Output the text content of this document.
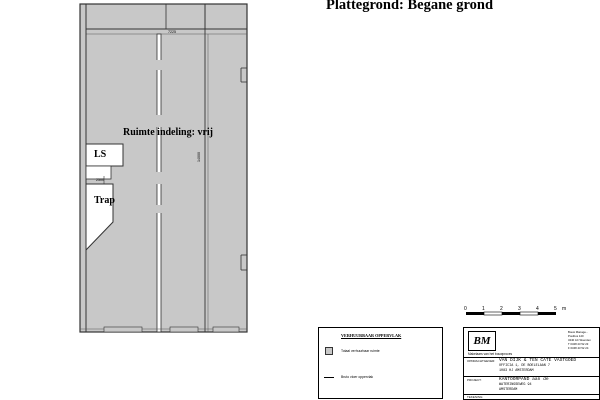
Plattegrond: Begane grond
Ruimte indeling: vrij
LS
Trap
7225
14000
2500
0	1	2	3	4	5 m
VERHUURBAAR OPPERVLAK
Totaal verhuurbaar ruimte
Bruto vloer oppervlak
BM
Makelaars van het bouwproces
Bouw Manage...
Postbus 120
3440 AC Woerden
T 0348 43 52 23
F 0348 43 52 24
OPDRACHTGEVER: VAN DIJK & TEN CATE VASTGOED
OFFICIA 1, DE BOELELAAN 7
1083 HJ AMSTERDAM
PROJECT:	KANTOORPAND aan de
WATERINGSEWEG 94
AMSTERDAM
TEKENING:
